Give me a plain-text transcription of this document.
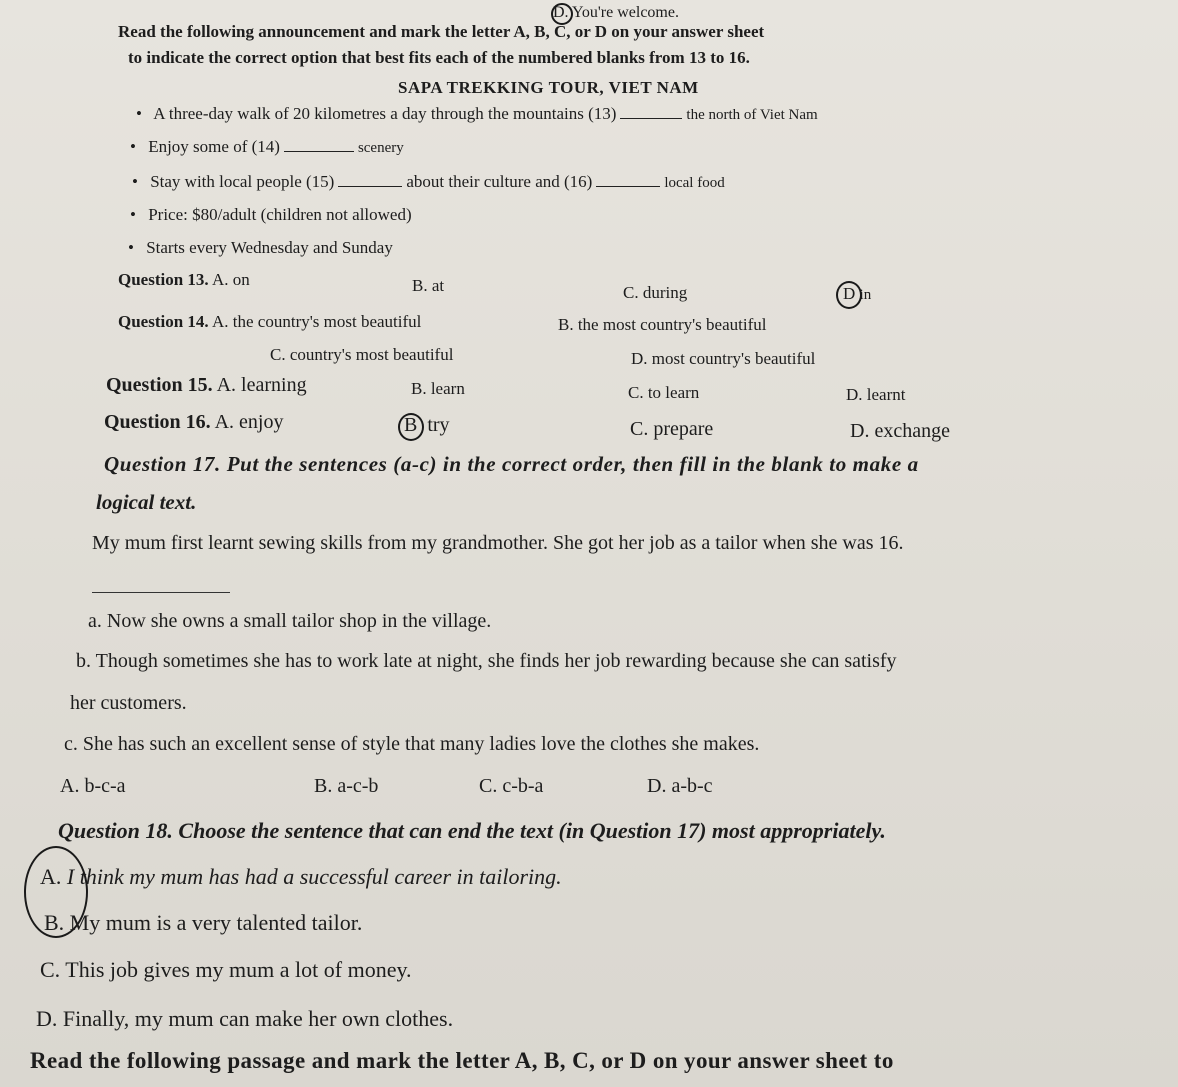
D. You're welcome.
Read the following announcement and mark the letter A, B, C, or D on your answer sheet
to indicate the correct option that best fits each of the numbered blanks from 13 to 16.
SAPA TREKKING TOUR, VIET NAM
• A three-day walk of 20 kilometres a day through the mountains (13)	the north of Viet Nam
• Enjoy some of (14)	scenery
• Stay with local people (15)	about their culture and (16)	local food
• Price: $80/adult (children not allowed)
• Starts every Wednesday and Sunday
Question 13. A. on	B. at	C. during	D in
Question 14. A. the country's most beautiful	B. the most country's beautiful
C. country's most beautiful	D. most country's beautiful
Question 15. A. learning	B. learn	C. to learn	D. learnt
Question 16. A. enjoy	B try	C. prepare	D. exchange
Question 17. Put the sentences (a-c) in the correct order, then fill in the blank to make a
logical text.
My mum first learnt sewing skills from my grandmother. She got her job as a tailor when she was 16.
a. Now she owns a small tailor shop in the village.
b. Though sometimes she has to work late at night, she finds her job rewarding because she can satisfy
her customers.
c. She has such an excellent sense of style that many ladies love the clothes she makes.
A. b-c-a	B. a-c-b	C. c-b-a	D. a-b-c
Question 18. Choose the sentence that can end the text (in Question 17) most appropriately.
A. I think my mum has had a successful career in tailoring.
B. My mum is a very talented tailor.
C. This job gives my mum a lot of money.
D. Finally, my mum can make her own clothes.
Read the following passage and mark the letter A, B, C, or D on your answer sheet to
